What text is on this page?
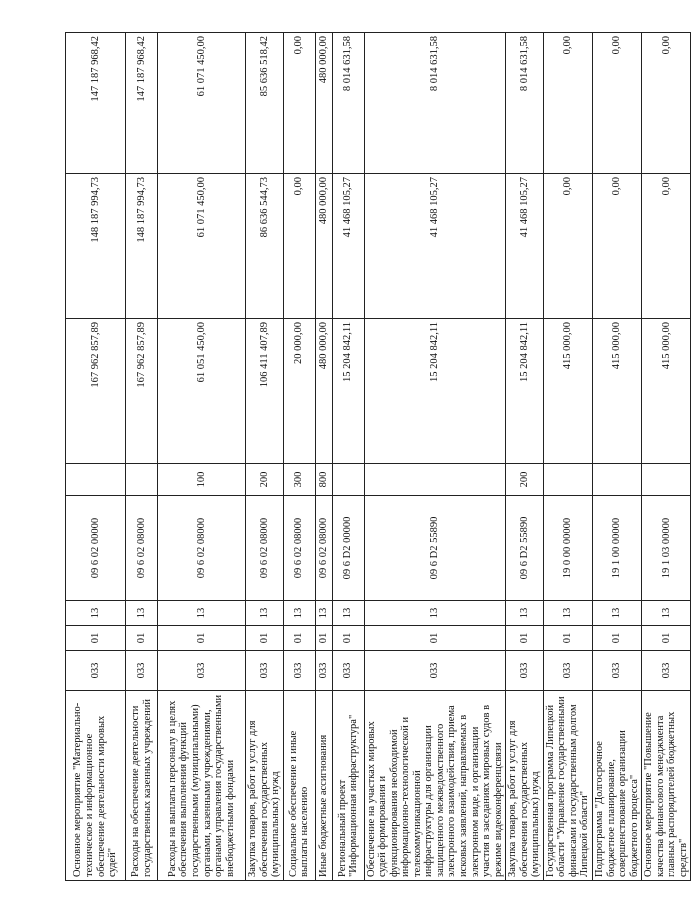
Основное мероприятие "Материально-техническое и информационное обеспечение деятельности мировых судей"	033	01	13	09 6 02 00000		167 962 857,89	148 187 994,73	147 187 968,42
Расходы на обеспечение деятельности государственных казенных учреждений	033	01	13	09 6 02 08000		167 962 857,89	148 187 994,73	147 187 968,42
Расходы на выплаты персоналу в целях обеспечения выполнения функций государственными (муниципальными) органами, казенными учреждениями, органами управления государственными внебюджетными фондами	033	01	13	09 6 02 08000	100	61 051 450,00	61 071 450,00	61 071 450,00
Закупка товаров, работ и услуг для обеспечения государственных (муниципальных) нужд	033	01	13	09 6 02 08000	200	106 411 407,89	86 636 544,73	85 636 518,42
Социальное обеспечение и иные выплаты населению	033	01	13	09 6 02 08000	300	20 000,00	0,00	0,00
Иные бюджетные ассигнования	033	01	13	09 6 02 08000	800	480 000,00	480 000,00	480 000,00
Региональный проект "Информационная инфраструктура"	033	01	13	09 6 D2 00000		15 204 842,11	41 468 105,27	8 014 631,58
Обеспечение на участках мировых судей формирования и функционирования необходимой информационно-технологической и телекоммуникационной инфраструктуры для организации защищенного межведомственного электронного взаимодействия, приема исковых заявлений, направляемых в электронном виде, и организации участия в заседаниях мировых судов в режиме видеоконференцсвязи	033	01	13	09 6 D2 55890		15 204 842,11	41 468 105,27	8 014 631,58
Закупка товаров, работ и услуг для обеспечения государственных (муниципальных) нужд	033	01	13	09 6 D2 55890	200	15 204 842,11	41 468 105,27	8 014 631,58
Государственная программа Липецкой области "Управление государственными финансами и государственным долгом Липецкой области"	033	01	13	19 0 00 00000		415 000,00	0,00	0,00
Подпрограмма "Долгосрочное бюджетное планирование, совершенствование организации бюджетного процесса"	033	01	13	19 1 00 00000		415 000,00	0,00	0,00
Основное мероприятие "Повышение качества финансового менеджмента главных распорядителей бюджетных средств"	033	01	13	19 1 03 00000		415 000,00	0,00	0,00
